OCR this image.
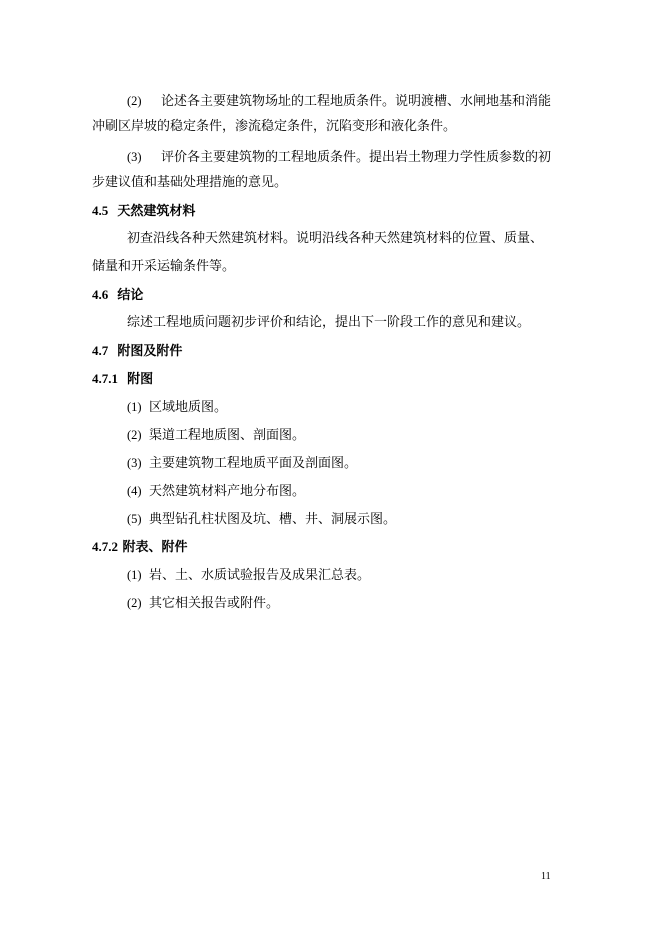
(2) 论述各主要建筑物场址的工程地质条件。说明渡槽、水闸地基和消能
冲刷区岸坡的稳定条件，渗流稳定条件，沉陷变形和液化条件。
(3) 评价各主要建筑物的工程地质条件。提出岩土物理力学性质参数的初
步建议值和基础处理措施的意见。
4.5 天然建筑材料
初查沿线各种天然建筑材料。说明沿线各种天然建筑材料的位置、质量、
储量和开采运输条件等。
4.6 结论
综述工程地质问题初步评价和结论，提出下一阶段工作的意见和建议。
4.7 附图及附件
4.7.1 附图
(1) 区域地质图。
(2) 渠道工程地质图、剖面图。
(3) 主要建筑物工程地质平面及剖面图。
(4) 天然建筑材料产地分布图。
(5) 典型钻孔柱状图及坑、槽、井、洞展示图。
4.7.2 附表、附件
(1) 岩、土、水质试验报告及成果汇总表。
(2) 其它相关报告或附件。
11
